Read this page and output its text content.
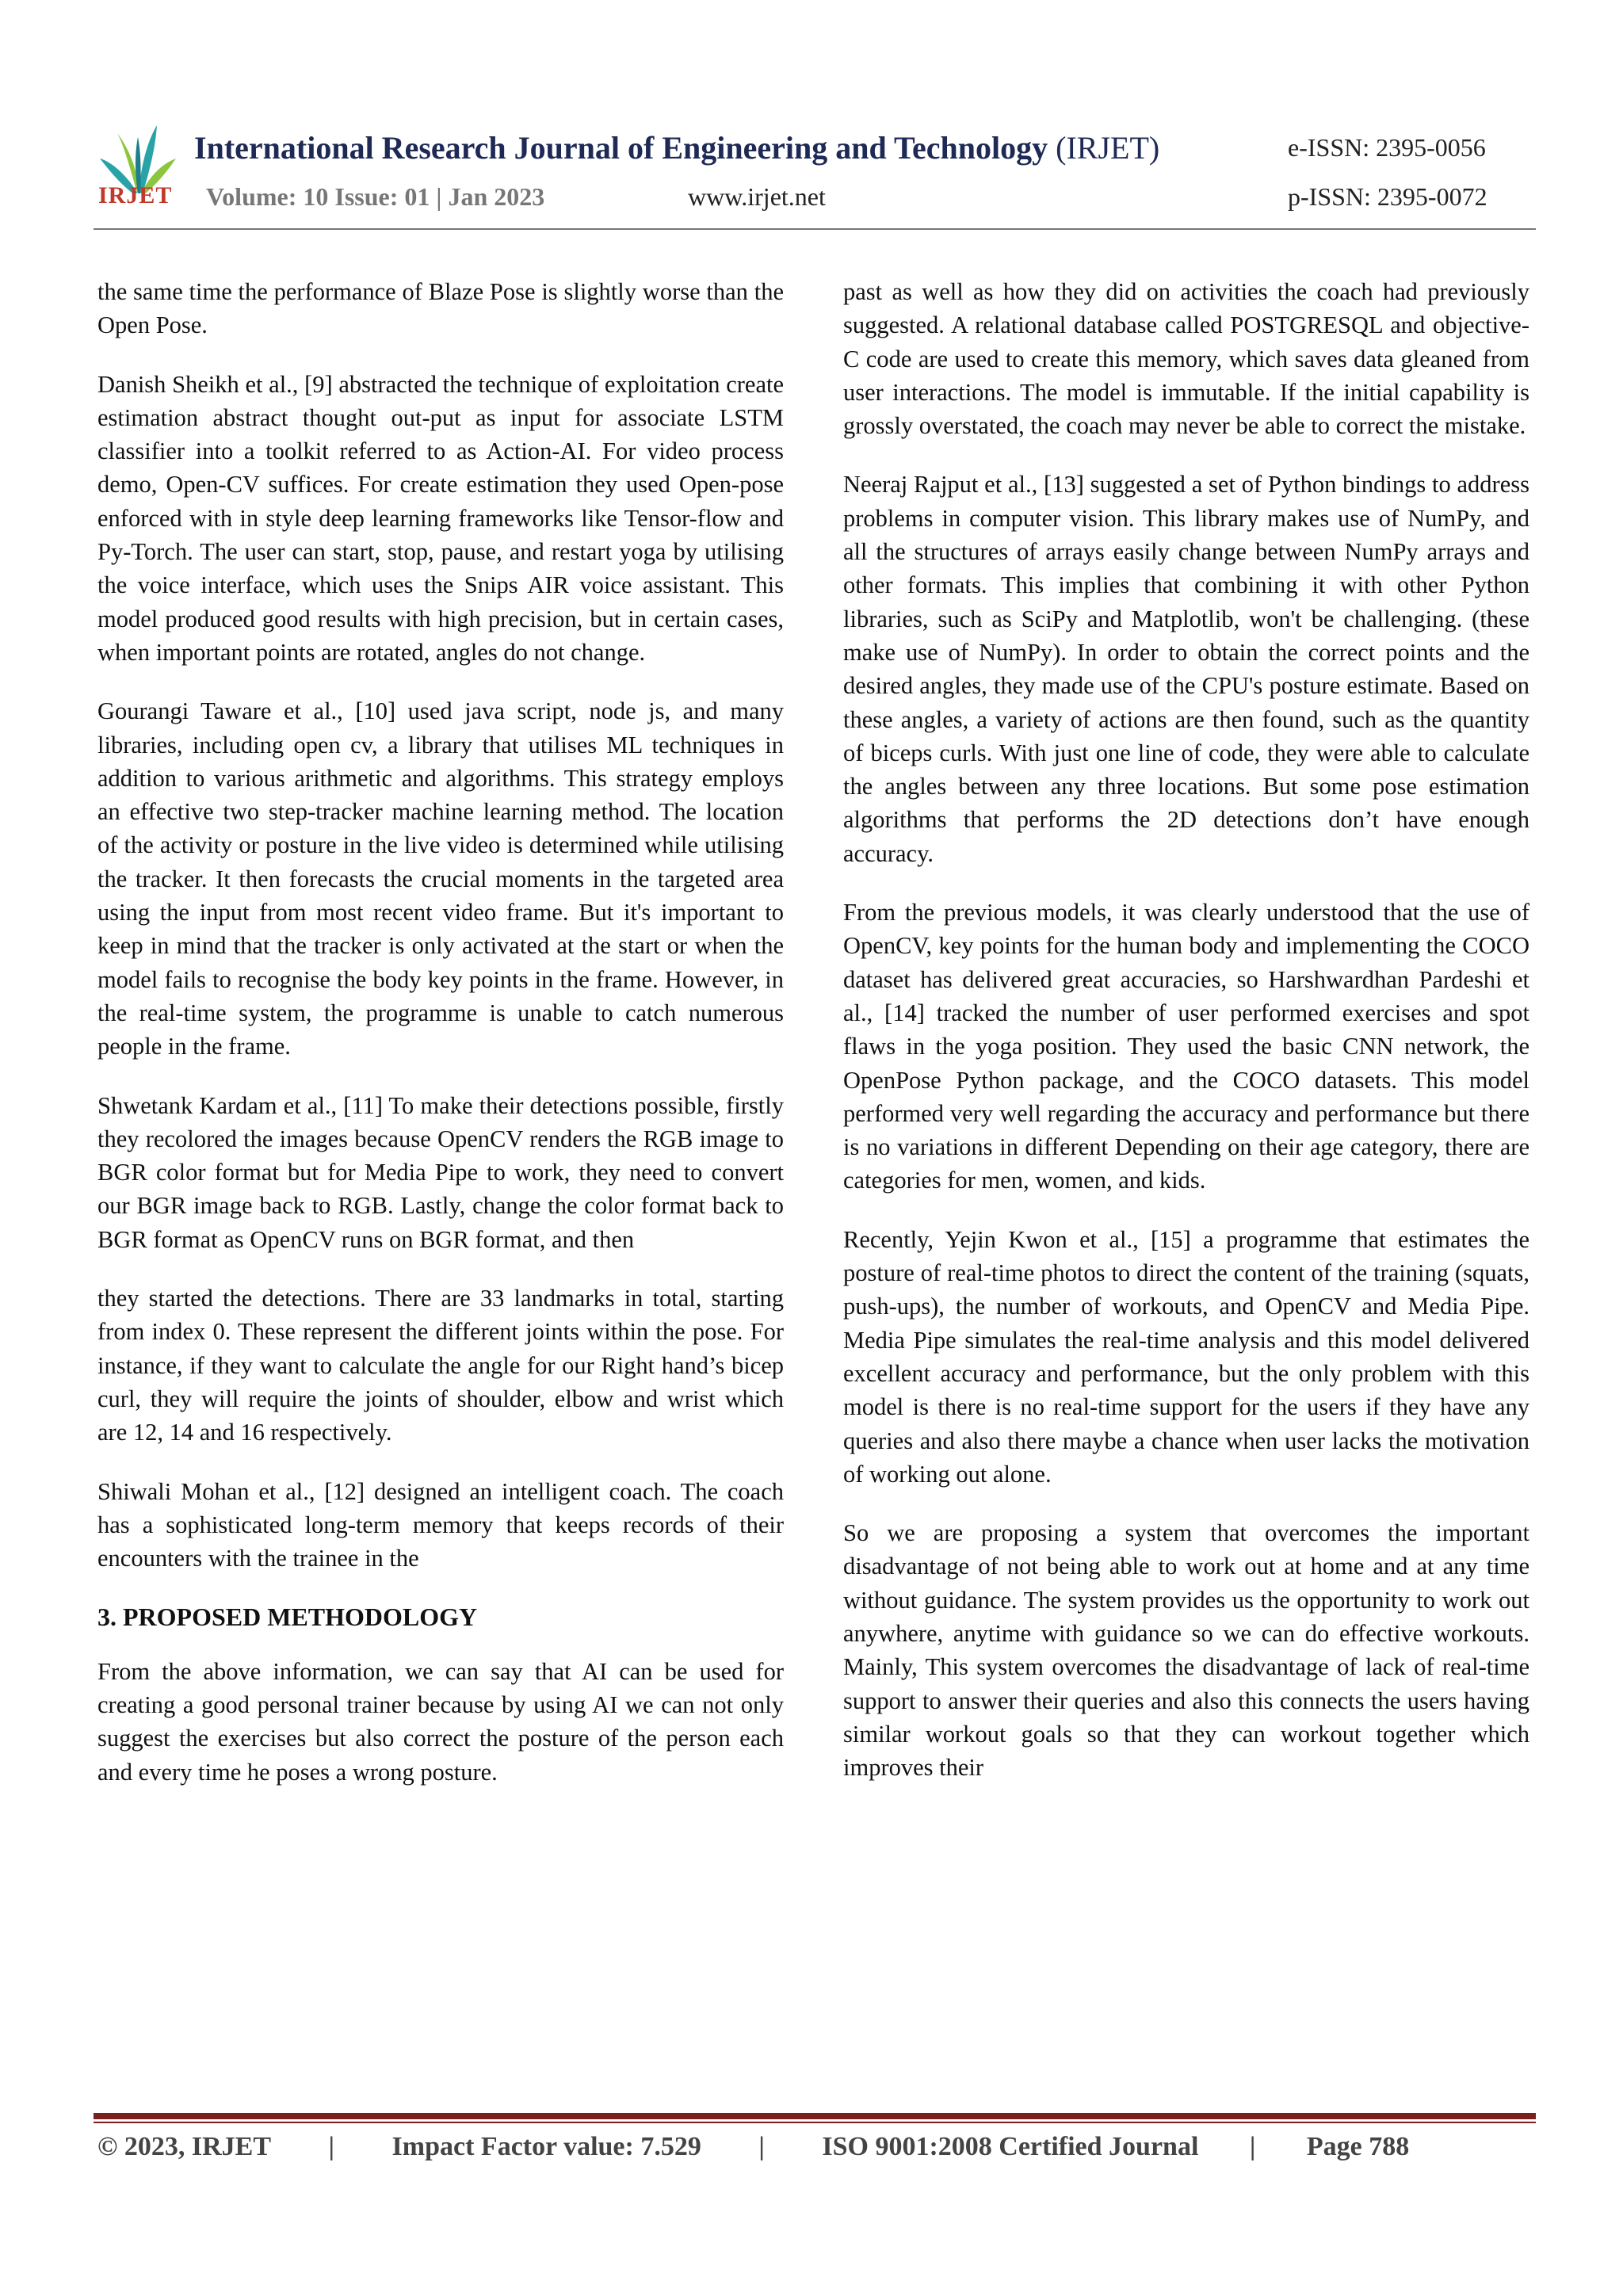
IRJET
International Research Journal of Engineering and Technology (IRJET)
Volume: 10 Issue: 01 | Jan 2023	www.irjet.net
e-ISSN: 2395-0056
p-ISSN: 2395-0072

the same time the performance of Blaze Pose is slightly worse than the Open Pose.

Danish Sheikh et al., [9] abstracted the technique of exploitation create estimation abstract thought out-put as input for associate LSTM classifier into a toolkit referred to as Action-AI. For video process demo, Open-CV suffices. For create estimation they used Open-pose enforced with in style deep learning frameworks like Tensor-flow and Py-Torch. The user can start, stop, pause, and restart yoga by utilising the voice interface, which uses the Snips AIR voice assistant. This model produced good results with high precision, but in certain cases, when important points are rotated, angles do not change.

Gourangi Taware et al., [10] used java script, node js, and many libraries, including open cv, a library that utilises ML techniques in addition to various arithmetic and algorithms. This strategy employs an effective two step-tracker machine learning method. The location of the activity or posture in the live video is determined while utilising the tracker. It then forecasts the crucial moments in the targeted area using the input from most recent video frame. But it's important to keep in mind that the tracker is only activated at the start or when the model fails to recognise the body key points in the frame. However, in the real-time system, the programme is unable to catch numerous people in the frame.

Shwetank Kardam et al., [11] To make their detections possible, firstly they recolored the images because OpenCV renders the RGB image to BGR color format but for Media Pipe to work, they need to convert our BGR image back to RGB. Lastly, change the color format back to BGR format as OpenCV runs on BGR format, and then

they started the detections. There are 33 landmarks in total, starting from index 0. These represent the different joints within the pose. For instance, if they want to calculate the angle for our Right hand’s bicep curl, they will require the joints of shoulder, elbow and wrist which are 12, 14 and 16 respectively.

Shiwali Mohan et al., [12] designed an intelligent coach. The coach has a sophisticated long-term memory that keeps records of their encounters with the trainee in the

3. PROPOSED METHODOLOGY

From the above information, we can say that AI can be used for creating a good personal trainer because by using AI we can not only suggest the exercises but also correct the posture of the person each and every time he poses a wrong posture.

past as well as how they did on activities the coach had previously suggested. A relational database called POSTGRESQL and objective-C code are used to create this memory, which saves data gleaned from user interactions. The model is immutable. If the initial capability is grossly overstated, the coach may never be able to correct the mistake.

Neeraj Rajput et al., [13] suggested a set of Python bindings to address problems in computer vision. This library makes use of NumPy, and all the structures of arrays easily change between NumPy arrays and other formats. This implies that combining it with other Python libraries, such as SciPy and Matplotlib, won't be challenging. (these make use of NumPy). In order to obtain the correct points and the desired angles, they made use of the CPU's posture estimate. Based on these angles, a variety of actions are then found, such as the quantity of biceps curls. With just one line of code, they were able to calculate the angles between any three locations. But some pose estimation algorithms that performs the 2D detections don’t have enough accuracy.

From the previous models, it was clearly understood that the use of OpenCV, key points for the human body and implementing the COCO dataset has delivered great accuracies, so Harshwardhan Pardeshi et al., [14] tracked the number of user performed exercises and spot flaws in the yoga position. They used the basic CNN network, the OpenPose Python package, and the COCO datasets. This model performed very well regarding the accuracy and performance but there is no variations in different Depending on their age category, there are categories for men, women, and kids.

Recently, Yejin Kwon et al., [15] a programme that estimates the posture of real-time photos to direct the content of the training (squats, push-ups), the number of workouts, and OpenCV and Media Pipe. Media Pipe simulates the real-time analysis and this model delivered excellent accuracy and performance, but the only problem with this model is there is no real-time support for the users if they have any queries and also there maybe a chance when user lacks the motivation of working out alone.

So we are proposing a system that overcomes the important disadvantage of not being able to work out at home and at any time without guidance. The system provides us the opportunity to work out anywhere, anytime with guidance so we can do effective workouts. Mainly, This system overcomes the disadvantage of lack of real-time support to answer their queries and also this connects the users having similar workout goals so that they can workout together which improves their

© 2023, IRJET | Impact Factor value: 7.529 | ISO 9001:2008 Certified Journal | Page 788
